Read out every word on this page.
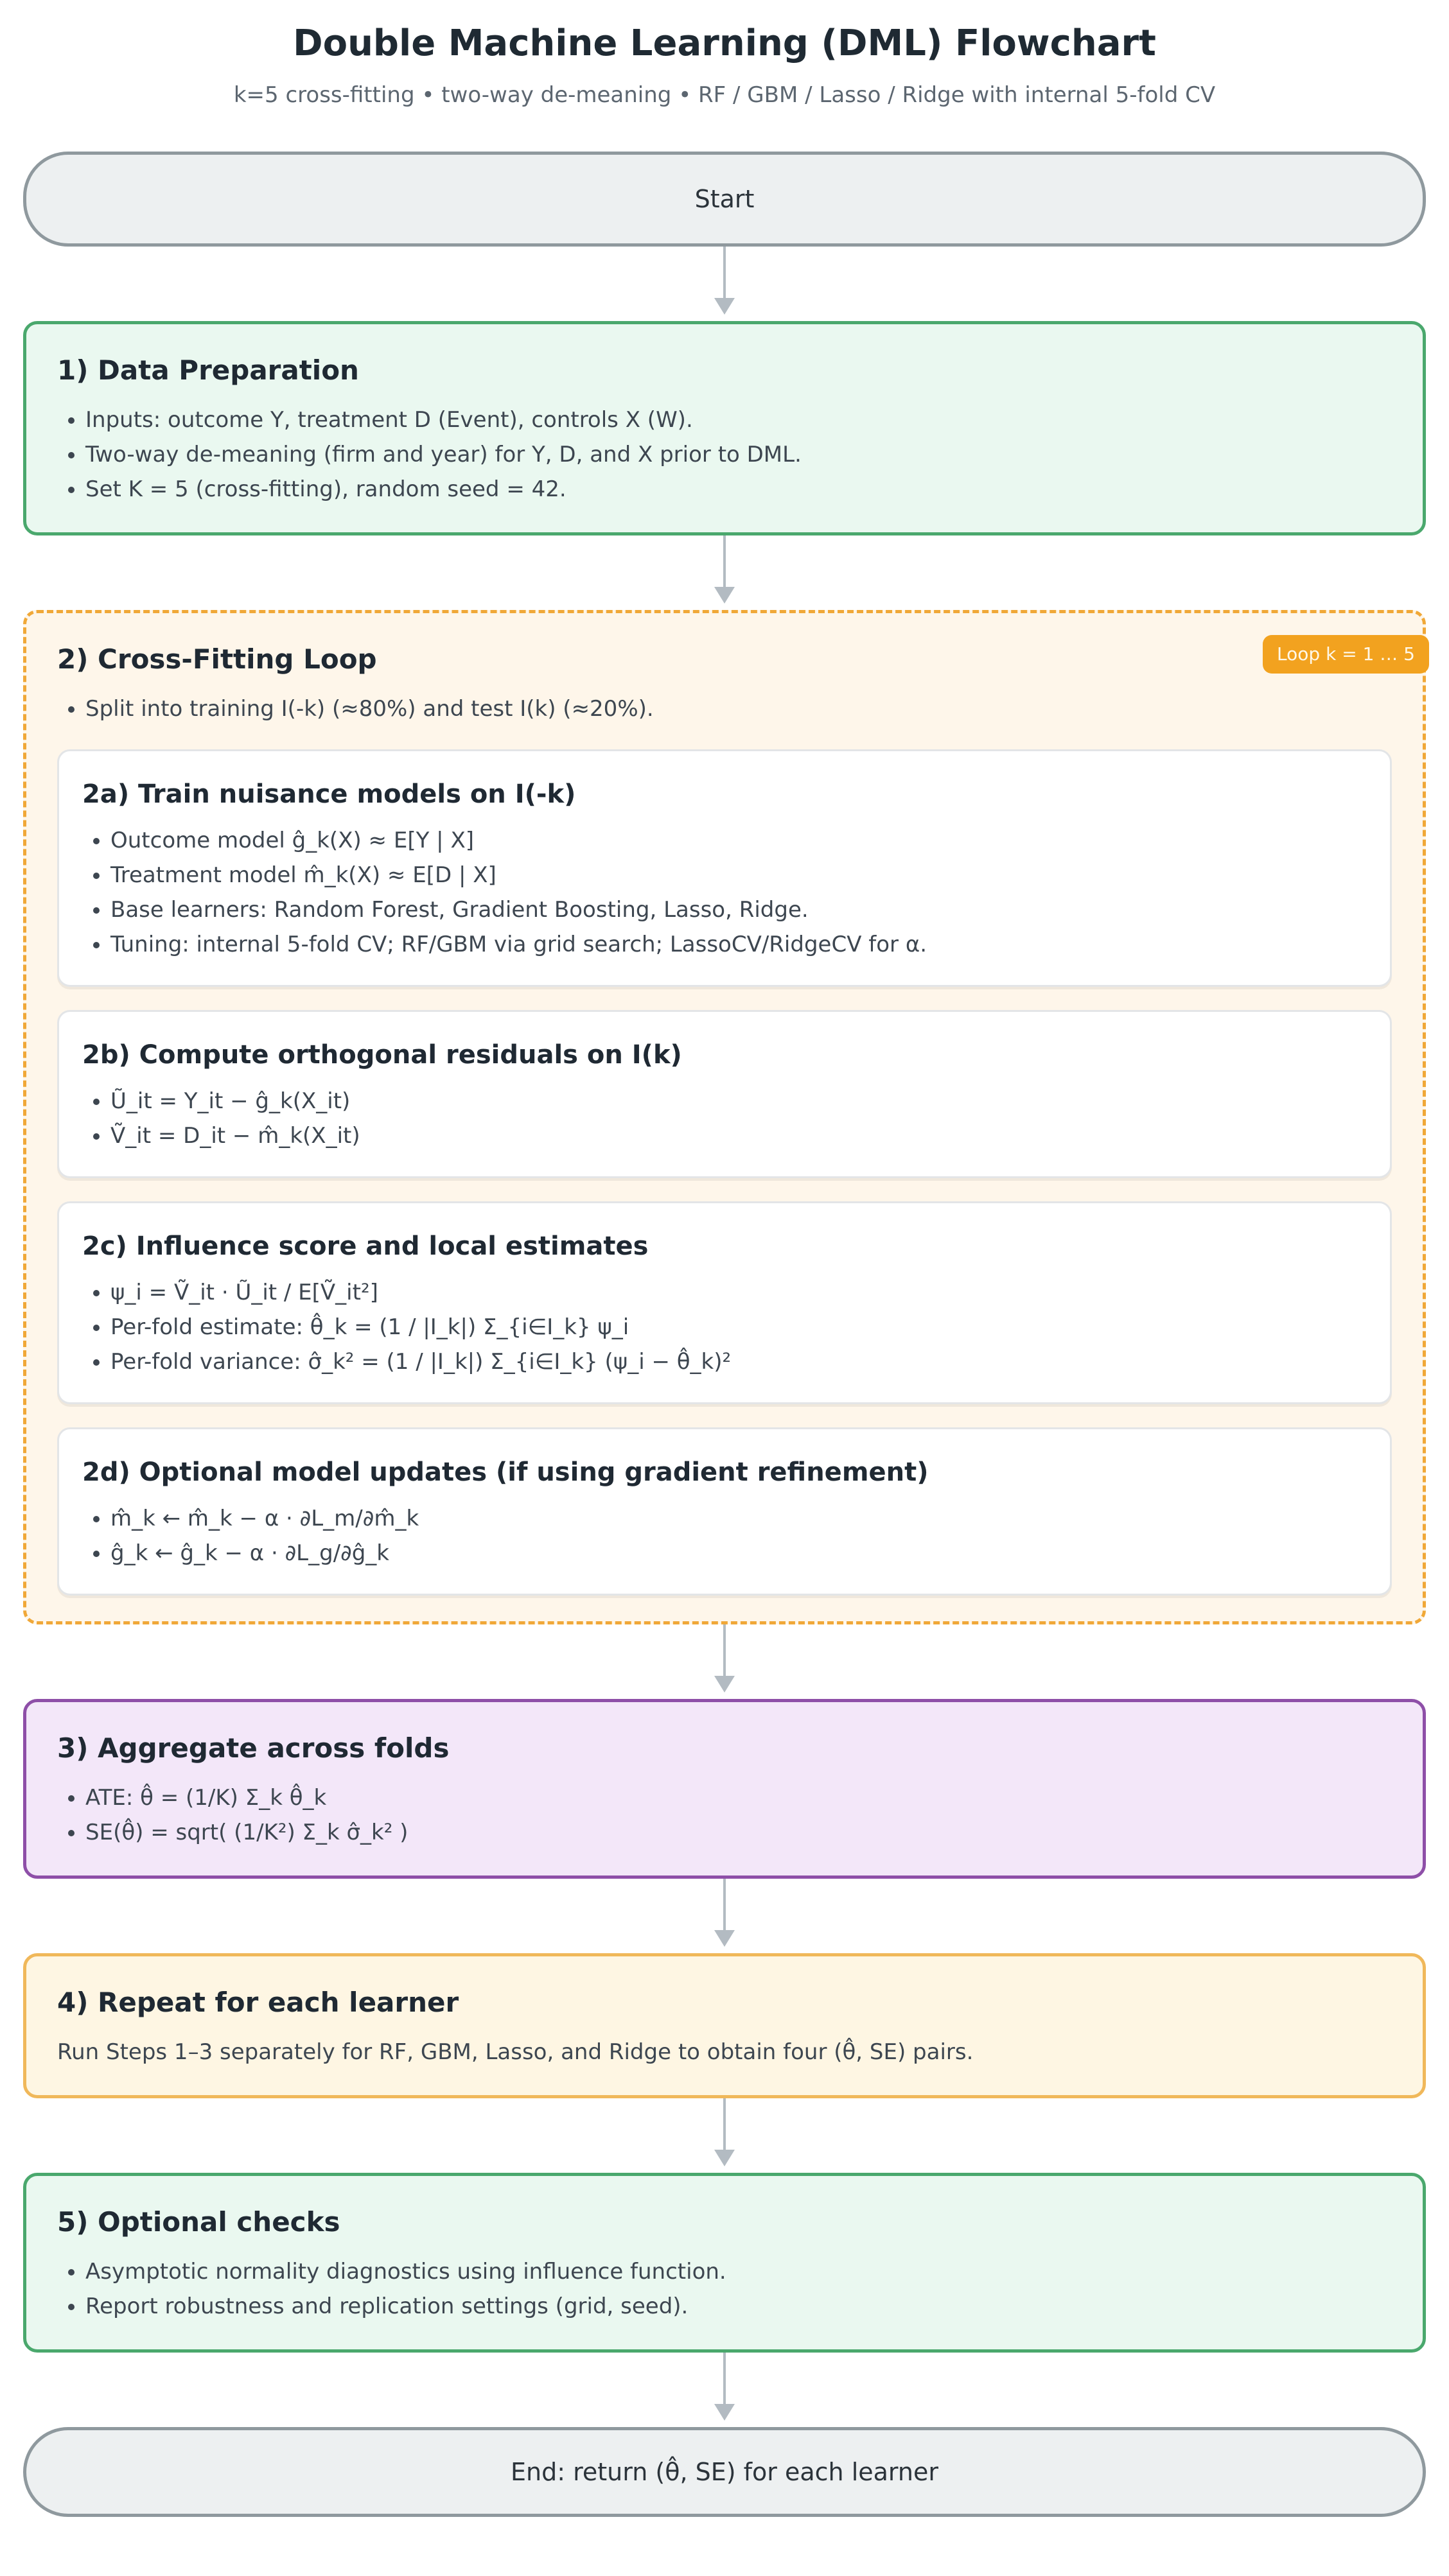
Double Machine Learning (DML) Flowchart

k=5 cross-fitting • two-way de-meaning • RF / GBM / Lasso / Ridge with internal 5-fold CV

Start
1) Data Preparation
• Inputs: outcome Y, treatment D (Event), controls X (W).
• Two-way de-meaning (firm and year) for Y, D, and X prior to DML.
• Set K = 5 (cross-fitting), random seed = 42.
Loop k = 1 … 5
2) Cross-Fitting Loop
• Split into training I(-k) (≈80%) and test I(k) (≈20%).
2a) Train nuisance models on I(-k)
• Outcome model ĝ_k(X) ≈ E[Y | X]
• Treatment model m̂_k(X) ≈ E[D | X]
• Base learners: Random Forest, Gradient Boosting, Lasso, Ridge.
• Tuning: internal 5-fold CV; RF/GBM via grid search; LassoCV/RidgeCV for α.
2b) Compute orthogonal residuals on I(k)
• Ũ_it = Y_it − ĝ_k(X_it)
• Ṽ_it = D_it − m̂_k(X_it)
2c) Influence score and local estimates
• ψ_i = Ṽ_it · Ũ_it / E[Ṽ_it²]
• Per-fold estimate: θ̂_k = (1 / |I_k|) Σ_{i∈I_k} ψ_i
• Per-fold variance: σ̂_k² = (1 / |I_k|) Σ_{i∈I_k} (ψ_i − θ̂_k)²
2d) Optional model updates (if using gradient refinement)
• m̂_k ← m̂_k − α · ∂L_m/∂m̂_k
• ĝ_k ← ĝ_k − α · ∂L_g/∂ĝ_k
3) Aggregate across folds
• ATE: θ̂ = (1/K) Σ_k θ̂_k
• SE(θ̂) = sqrt( (1/K²) Σ_k σ̂_k² )
4) Repeat for each learner

Run Steps 1–3 separately for RF, GBM, Lasso, and Ridge to obtain four (θ̂, SE) pairs.

5) Optional checks
• Asymptotic normality diagnostics using influence function.
• Report robustness and replication settings (grid, seed).
End: return (θ̂, SE) for each learner
